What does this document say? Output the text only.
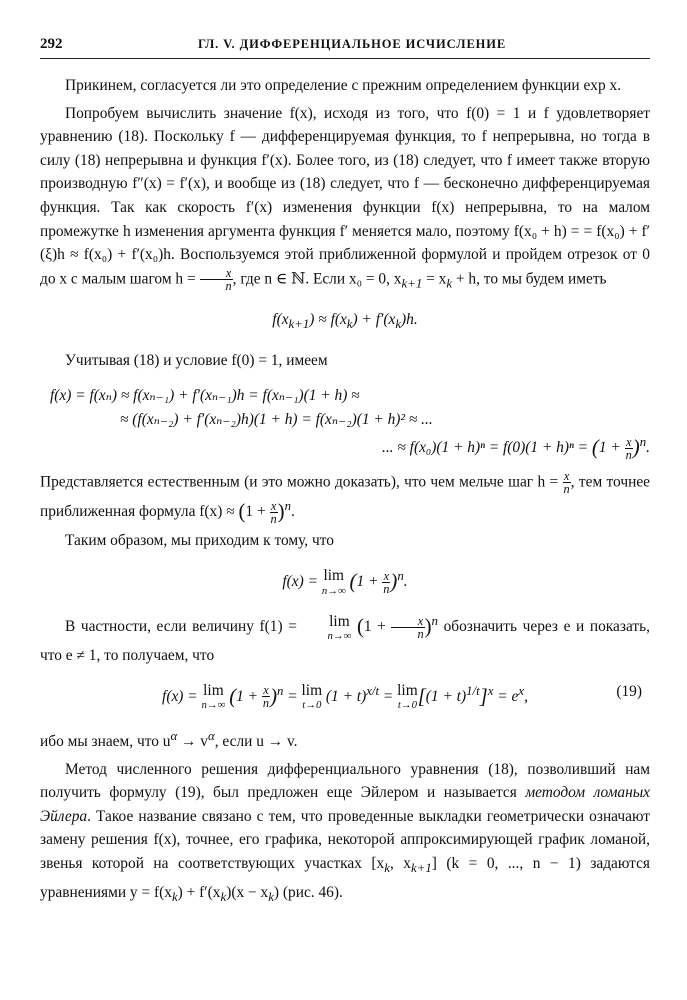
292	ГЛ. V. ДИФФЕРЕНЦИАЛЬНОЕ ИСЧИСЛЕНИЕ

Прикинем, согласуется ли это определение с прежним определением функции exp x.

Попробуем вычислить значение f(x), исходя из того, что f(0) = 1 и f удовлетворяет уравнению (18). Поскольку f — дифференцируемая функция, то f непрерывна, но тогда в силу (18) непрерывна и функция f′(x). Более того, из (18) следует, что f имеет также вторую производную f″(x) = f′(x), и вообще из (18) следует, что f — бесконечно дифференцируемая функция. Так как скорость f′(x) изменения функции f(x) непрерывна, то на малом промежутке h изменения аргумента функция f′ меняется мало, поэтому f(x₀ + h) = = f(x₀) + f′(ξ)h ≈ f(x₀) + f′(x₀)h. Воспользуемся этой приближенной формулой и пройдем отрезок от 0 до x с малым шагом $h = \frac{x}{n}$ , где n ∈ ℕ. Если x₀ = 0, $x_{k+1} = x_k + h$, то мы будем иметь

$f(x_{k+1}) \approx f(x_k) + f'(x_k)h$.

Учитывая (18) и условие f(0) = 1, имеем

f(x) = f(xₙ) ≈ f(xₙ₋₁) + f′(xₙ₋₁)h = f(xₙ₋₁)(1 + h) ≈

≈ (f(xₙ₋₂) + f′(xₙ₋₂)h)(1 + h) = f(xₙ₋₂)(1 + h)² ≈ ...

... ≈ $f(x_0)(1 + h)^n = f(0)(1 + h)^n = (1 + \frac{x}{n} )^n$.

Представляется естественным (и это можно доказать), что чем мельче шаг $h = \frac{x}{n}$ , тем точнее приближенная формула $f(x) \approx (1 + \frac{x}{n} )^n$.

Таким образом, мы приходим к тому, что

f(x) = lim
n→∞ $(1 + \frac{x}{n} )^n$.

В частности, если величину f(1) =	lim
n→∞ $(1 + \frac{x}{n} )^n$ обозначить через e и показать, что e ≠ 1, то получаем, что

f(x) = lim
n→∞ $(1 + \frac{x}{n} )^n = \lim$
t→0
$(1 + t)^{x/t} = \lim$
t→0 $[(1 + t)^{1/t}]^x = e^x$,	(19)

ибо мы знаем, что $u^\alpha \to v^\alpha$, если u → v.

Метод численного решения дифференциального уравнения (18), позволивший нам получить формулу (19), был предложен еще Эйлером и называется методом ломаных Эйлера. Такое название связано с тем, что проведенные выкладки геометрически означают замену решения f(x), точнее, его графика, некоторой аппроксимирующей график ломаной, звенья которой на соответствующих участках [$x_k$, $x_{k+1}$] (k = 0, ..., n − 1) задаются уравнениями $y = f(x_k) + f'(x_k)(x - x_k)$ (рис. 46).
